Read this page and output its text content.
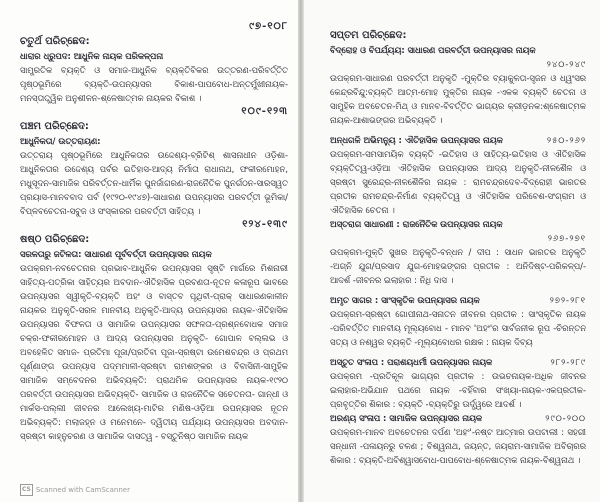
୯୭-୧୦୮
ଚତୁର୍ଥ ପରିଚ୍ଛେଦ:
ଧାରାର ଧ୍ରୁପଦ: ଆଧୁନିକ ନାୟକ ପରିକଳ୍ପନା
ସାମ୍ପ୍ରତିକ ବ୍ୟକ୍ତି ଓ ସମାଜ-ଆଧୁନିକ ବ୍ୟକ୍ତିବିକର ଉତ୍ତରଣ-ପରିବର୍ତ୍ତିତ ପୃଷ୍ଠଭୂମିରେ ବ୍ୟକ୍ତି-ଉପନ୍ୟାସର ବିକାଶ-ପାପବୋଧ-ଅନ୍ତର୍ମୁଖୀନାୟକ-ମନସ୍ତାତ୍ତ୍ୱିକ ଅନୁଶୀଳନ-ଶ୍ଳେଷାତ୍ମକ ନାୟକର ବିକାଶ ।
୧୦୯-୧୨୩
ପଞ୍ଚମ ପରିଚ୍ଛେଦ:
ଆଧୁନିକତା/ ଉତ୍ତରାୟଣ:
ଉତ୍ତରାୟ ପୃଷ୍ଠଭୂମିରେ ଆଧୁନିକତାର ଉଦ୍ଦେଶ୍ୟ-ବ୍ରିଟିଶ୍ ଶାସନାଧୀନ ଓଡ଼ିଶା-ଆଧୁନିକତାର ଉଦ୍ଦେଶ୍ୟ ପର୍ବର ଇତିହାସ-ଆଦ୍ୟ ନିର୍ମାତା ରାଧାନାଥ, ଫକୀରମୋହନ, ମଧୁସୂଦନ-ସାମାଜିକ ପରିବର୍ତ୍ତନ-ଧାର୍ମିକ ପୁନର୍ଜାଗରଣ-ରାଜନୈତିକ ପୁନର୍ଗଠନ-ସାରସ୍ୱତ ପ୍ରୟାସ-ମାନବବାଦ ପର୍ବ (୧୯୨୦-୧୯୪୭)-ସାଧାରଣ ଉପନ୍ୟାସର ପରବର୍ତ୍ତୀ ଭୂମିକା/ ବିପ୍ଳବଚେତନା-ସବୁଜ ଓ ସଂସ୍କାରର ପରବର୍ତ୍ତୀ ସାହିତ୍ୟ ।
୧୨୪-୧୩୯
ଷଷ୍ଠ ପରିଚ୍ଛେଦ:
ସରଳତାରୁ ଜଟିଳତା: ସାଧାରଣ ପୂର୍ବବର୍ତ୍ତୀ ଉପନ୍ୟାସର ନାୟକ
ଉପକ୍ରମ-ନବଚେତନାର ପ୍ରଭାବ-ଆଧୁନିକ ଉପନ୍ୟାସର ସୃଷ୍ଟି ମାର୍ଗରେ ମିଶନାରୀ ସାହିତ୍ୟ-ପତ୍ରିକା ସାହିତ୍ୟର ଅବଦାନ-ଐତିହାସିକ ପ୍ରବଣତା-ନୂତନ କଳାରୂପ ଭାବରେ ଉପନ୍ୟାସର ସ୍ୱୀକୃତି-ବ୍ୟକ୍ତି ଅହଂ ଓ ବାସ୍ତବ ପୃଥିବୀ-ପ୍ରାକ୍ ସାଧାରଣକାଳୀନ ନାୟକର ଅନୁକୃତି-ସରଳ ମାନବୀୟ ଅନୁକୃତି-ଆଦ୍ୟ ଉପନ୍ୟାସର ନାୟକ-ଐତିହାସିକ ଉପନ୍ୟାସର ବିଫଳତା ଓ ସାମାଜିକ ଉପନ୍ୟାସର ସଫଳତା-ପ୍ରଶ୍ନବୋଧକ ସମାଜ ଚକ୍ର-ଫକୀରମୋହନ ଓ ଆଦ୍ୟ ଉପନ୍ୟାସର ଅନୁକୃତି- ଗୋପାଳ ବଲ୍ଲଭ ଓ ଅବହେଳିତ ସମାଜ- ପ୍ରତିମା ପୂଜା/ପ୍ରତିବା ପୂଜା-ସ୍ରଷ୍ଟା ଉମେଶଚନ୍ଦ୍ର ଓ ପ୍ରଥମ ପୂର୍ଣ୍ଣାଙ୍ଗ ଉପନ୍ୟାସ ପଦ୍ମମାଳୀ-ସ୍ରଷ୍ଟା ରାମଶଙ୍କର ଓ ବିବାସିନୀ-ସାମୁହିକ ସାମାଜିକ ସମ୍ବେଦନର ଅଭିବ୍ୟକ୍ତି: ପ୍ରାଥମିକ ଉପନ୍ୟାସର ନାୟକ-୧୯୨୦ ପରବର୍ତ୍ତୀ ଉପନ୍ୟାସର ଅଭିବ୍ୟକ୍ତି- ସାମାଜିକ ଓ ରାଜନୈତିକ ସଚେତନତା- ଗାନ୍ଧୀ ଓ ମାର୍କସ-ପଲ୍ଲୀ ଜୀବନର ଆଲେଖ୍ୟ-ମାଟିର ମଣିଷ-ଓଡ଼ିଆ ଉପନ୍ୟାସର ନୂତନ ଅଭିବ୍ୟକ୍ତି: ମଲାଜହ୍ନ ଓ ମନେମନେ- ଦ୍ୱିତୀୟ ପର୍ଯ୍ୟାୟ ଉପନ୍ୟାସର ଅବଦାନ- ସ୍ରଷ୍ଟା କାହ୍ନୁଚରଣ ଓ ସାମାଜିକ ଦାସତ୍ୱ - ବସ୍ତୁନିଷ୍ଠ ସାମାଜିକ ନାୟକ
CS Scanned with CamScanner
ସପ୍ତମ ପରିଚ୍ଛେଦ:
ବିଦ୍ରୋହ ଓ ବିପର୍ଯ୍ୟୟ: ସାଧାରଣ ପରବର୍ତ୍ତୀ ଉପନ୍ୟାସର ନାୟକ
୨୪୦-୨୪୯
ଉପକ୍ରମ-ସାଧାରଣ ପରବର୍ତ୍ତୀ ଅନୁକୃତି -ମୁକ୍ତିର ବ୍ୟାକୁଳତା-ସୃଜନ ଓ ଧ୍ୱଂସର କେନ୍ଦ୍ରବିନ୍ଦୁ:ବ୍ୟକ୍ତି ଆତ୍ମ-ମୋହ ମୁକ୍ତିର ନାୟକ -ଏକକ ବ୍ୟକ୍ତି ଚେତନା ଓ ସାମୁହିକ ଅବଚେତନ-ମିଥ୍ ଓ ମାନବ-ବିବର୍ତ୍ତିତ ଭାଗ୍ୟର କ୍ରୀଡ଼ନକ:ଶ୍ଳେଷାତ୍ମକ ନାୟକ-ଆଶାଭଙ୍ଗର ଅଭିବ୍ୟକ୍ତି ।
୨୫୦-୨୬୨
ଅନ୍ଧଗଳି ଅଭିମନ୍ୟୁ : ଐତିହାସିକ ଉପନ୍ୟାସର ନାୟକ
ଉପକ୍ରମ-ସମସାମୟିକ ବ୍ୟକ୍ତି -ଇତିହାସ ଓ ସାହିତ୍ୟ-ଇତିହାସ ଓ ଐତିହାସିକ ବ୍ୟକ୍ତିତ୍ୱ-ଓଡ଼ିଆ ଐତିହାସିକ ଉପନ୍ୟାସର ଆଦ୍ୟ ଅନୁକୃତି-ନୀଳଶୈଳ ଓ ସ୍ରଷ୍ଟା ସୁରେନ୍ଦ୍ର-ନୀଳଶୈଳିର ନାୟକ : ରାମଚନ୍ଦ୍ରଦେବ-ବିଦ୍ରୋହୀ ଭାରତର ପ୍ରତୀକ ରାମଚନ୍ଦ୍ର-ନିର୍ମାଣ ବ୍ୟକ୍ତିତ୍ୱ ଓ ଐତିହାସିକ ପରିବେଶ-ସଂଗ୍ରାମ ଓ ଐତିହାସିକ ଚେତନା ।
ଅସ୍ତରାଗ ସାଧାରଣୀ : ରାଜନୈତିକ ଉପନ୍ୟାସର ନାୟକ
୨୬୭-୨୭୧
ଉପକ୍ରମ-ମୁକ୍ତି ସୁଖର ଅନୁକୃତି-ବନ୍ଧନ / ଦୀପ : ସାଧନ ଭାରତର ଅନୁକୃତି -ଅଗ୍ନି ଯୁଗ/ପ୍ରସାଦ ଯୁଗ-ମୋହଭଙ୍ଗର ପ୍ରତୀକ : ଅନିଦିଷ୍ଟ-ପରିକଳ୍ପ/-ଆଦର୍ଶ -ଜୀବନର ଇଲାହାର : ନିଧି ଦାସ ।
୨୭୨-୨୮୧
ଅମୃତ ସାଗର : ସାଂସ୍କୃତିକ ଉପନ୍ୟାସର ନାୟକ
ଉପକ୍ରମ-ସ୍ରଷ୍ଟା ଗୋପୀନାଥ-ସନାତନ ଜୀବନର ପ୍ରତୀକ : ସାଂସ୍କୃତିକ ନାୟକ -ପରିବର୍ତ୍ତିତ ମାନବୀୟ ମୂଲ୍ୟବୋଧ - ମାନବ 'ଅହଂ'ର ସାର୍ବଜନୀକ ରୂପ -ଚିରନ୍ତନ ସତ୍ୟ ଓ ନଶ୍ୱର ବ୍ୟକ୍ତି -ମୂଲ୍ୟବୋଧର ରକ୍ଷକ : ନାୟକ ଦିବ୍ୟ
୨୮୨-୨୮୯
ଅସ୍ତୁତ ସଂଳାପ : ପରାଶୟଧର୍ମୀ ଉପନ୍ୟାସର ନାୟକ
ଉପକ୍ରମ -ପ୍ରତିକୂଳ ଭାଗ୍ୟର ପ୍ରତୀକ : ଉଭଚନାୟକ-ଅଧିକ ଜୀବନର ଇଲାହାର-ଅଭିଯାନ ପଥରେ ନାୟକ -ବହିଁବାର ସଂଖ୍ୟା-ନାୟକ-ଏକପ୍ରତୀକ-ପ୍ରବୃତ୍ତିର ଶିକାର : ବ୍ୟକ୍ତି -ବ୍ୟକ୍ତିରୁ ଊର୍ଦ୍ଧ୍ୱରେ ଆଦର୍ଶ ।
୨୯୦-୨୦୦
ଅରଣ୍ୟ ସଂଳାପ : ସାମାଜିକ ଉପନ୍ୟାସର ନାୟକ
ଉପକ୍ରମ-ମାନବ ଅବଚେତନର ଦର୍ପଣ 'ଅହଂ'-ନଷ୍ଟ ଆତ୍ମାର ଉପଟାଲୀ : ସହଗୀ ସନ୍ଧାନୀ -ପଳାୟନରୁ ଚଳଣ ; ବିଶ୍ୱନାଥ, ଜୟନ୍ତ, ଜୟରାମ-ସାମାଜିକ ଅବିଚାରର ଶିକାର : ବ୍ୟକ୍ତି-ଅବିଶ୍ୱାସବୋଧ-ପାପବୋଧ-ଶ୍ଳେଷାତ୍ମକ ନାୟକ-ବିଶ୍ୱନାଥ ।
